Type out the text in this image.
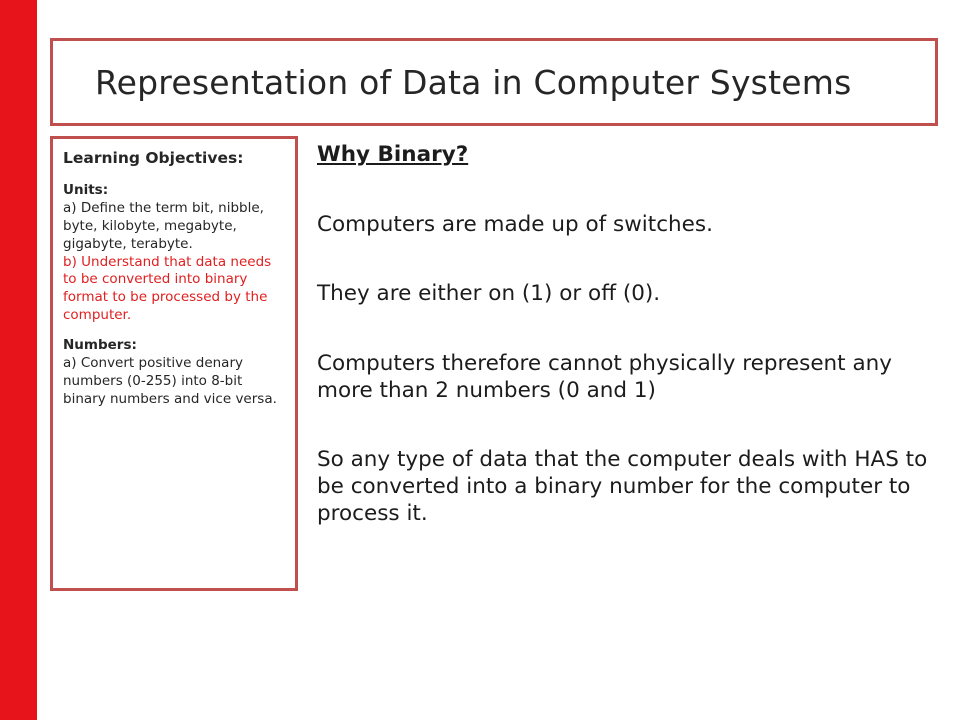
Representation of Data in Computer Systems
Learning Objectives:
Units:

a) Define the term bit, nibble, byte, kilobyte, megabyte, gigabyte, terabyte.

b) Understand that data needs to be converted into binary format to be processed by the computer.

Numbers:

a) Convert positive denary numbers (0-255) into 8-bit binary numbers and vice versa.

Why Binary?

Computers are made up of switches.

They are either on (1) or off (0).

Computers therefore cannot physically represent any more than 2 numbers (0 and 1)

So any type of data that the computer deals with HAS to be converted into a binary number for the computer to process it.
